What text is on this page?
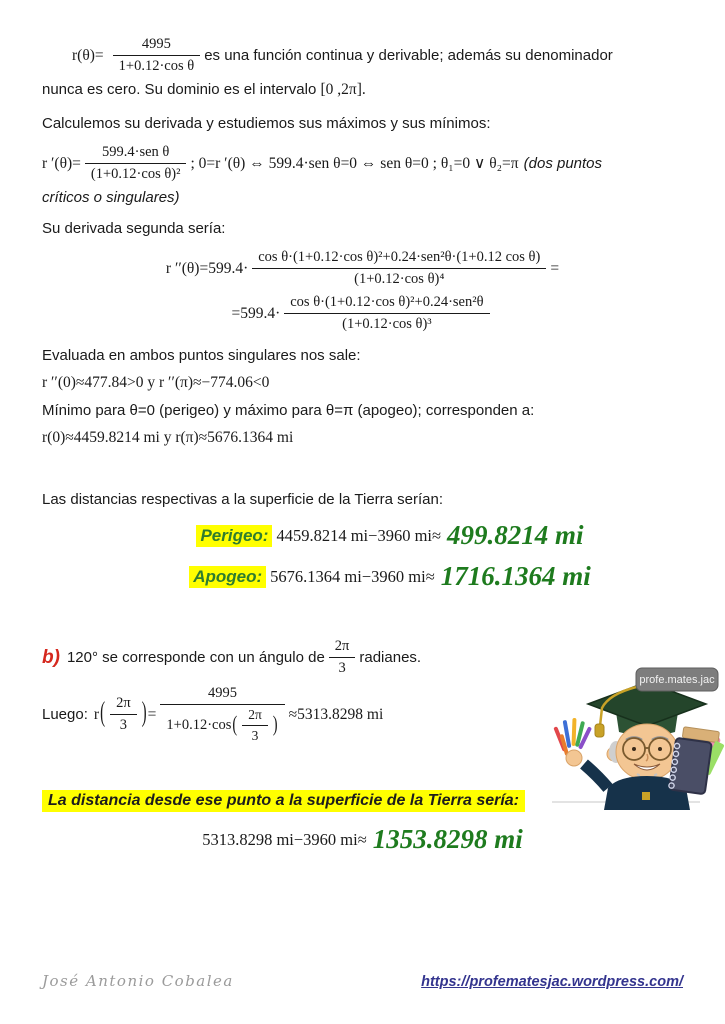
$r(\theta)= \frac{4995}{\text{1+0.12·cos θ}}$ es una función continua y derivable; además su denominador

nunca es cero. Su dominio es el intervalo [0 ,2π].

Calculemos su derivada y estudiemos sus máximos y sus mínimos:

r $'(\theta)= \frac{\text{599.4·sen θ}}{\text{(1+0.12·cos θ)²}}$ ; 0=r ′(θ) ⇔ 599.4·sen θ=0 ⇔ sen θ=0 ; θ₁=0 ∨ θ₂=π (dos puntos

críticos o singulares)

Su derivada segunda sería:

r $''(\theta)=599.4\cdot \frac{\text{cos θ·(1+0.12·cos θ)²+0.24·sen²θ·(1+0.12 cos θ)}}{\text{(1+0.12·cos θ)⁴}}$ =
$=599.4\cdot \frac{\text{cos θ·(1+0.12·cos θ)²+0.24·sen²θ}}{\text{(1+0.12·cos θ)³}}$

Evaluada en ambos puntos singulares nos sale:

r ′′(0)≈477.84>0 y r ′′(π)≈−774.06<0

Mínimo para θ=0 (perigeo) y máximo para θ=π (apogeo); corresponden a:

r(0)≈4459.8214 mi y r(π)≈5676.1364 mi

Las distancias respectivas a la superficie de la Tierra serían:

Perigeo: 4459.8214 mi−3960 mi≈ 499.8214 mi
Apogeo: 5676.1364 mi−3960 mi≈ 1716.1364 mi
b) 120° se corresponde con un ángulo de $\frac{2\pi}{3}$ radianes.
Luego: r ( $\frac{2\pi}{3}$ ) =
4995
1+0.12·cos ( $\frac{2\pi}{3}$ ) ≈5313.8298 mi
La distancia desde ese punto a la superficie de la Tierra sería:
5313.8298 mi−3960 mi≈ 1353.8298 mi
profe.mates.jac
José Antonio Cobalea	https://profematesjac.wordpress.com/
